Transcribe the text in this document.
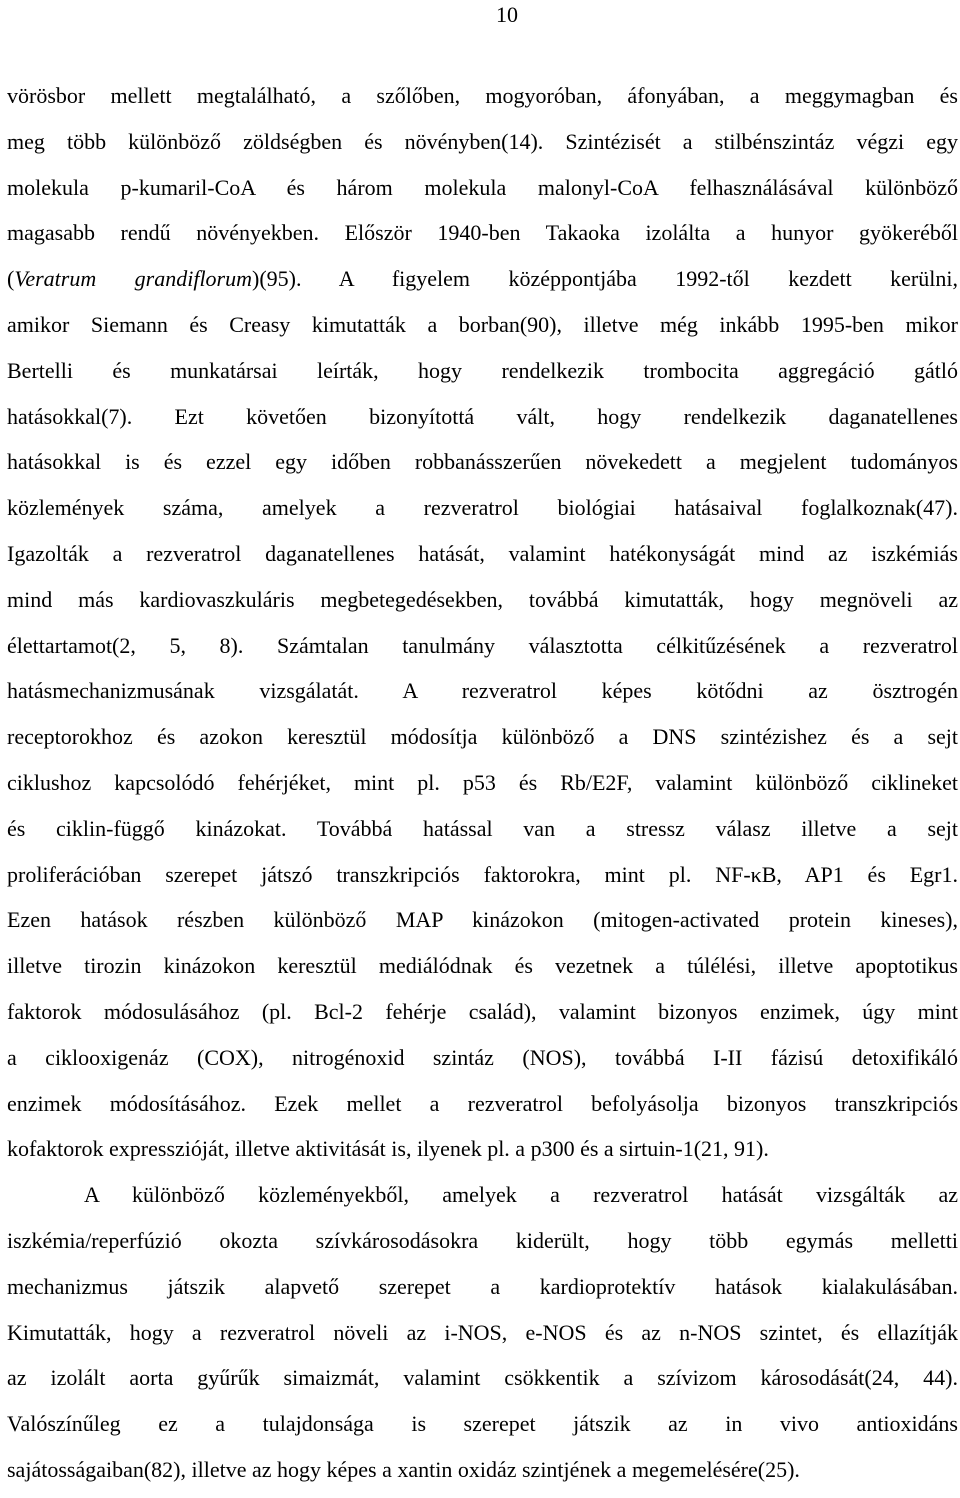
10
vörösbor mellett megtalálható, a szőlőben, mogyoróban, áfonyában, a meggymagban és
meg több különböző zöldségben és növényben(14). Szintézisét a stilbénszintáz végzi egy
molekula p-kumaril-CoA és három molekula malonyl-CoA felhasználásával különböző
magasabb rendű növényekben. Először 1940-ben Takaoka izolálta a hunyor gyökeréből
(Veratrum grandiflorum)(95). A figyelem középpontjába 1992-től kezdett kerülni,
amikor Siemann és Creasy kimutatták a borban(90), illetve még inkább 1995-ben mikor
Bertelli és munkatársai leírták, hogy rendelkezik trombocita aggregáció gátló
hatásokkal(7). Ezt követően bizonyítottá vált, hogy rendelkezik daganatellenes
hatásokkal is és ezzel egy időben robbanásszerűen növekedett a megjelent tudományos
közlemények száma, amelyek a rezveratrol biológiai hatásaival foglalkoznak(47).
Igazolták a rezveratrol daganatellenes hatását, valamint hatékonyságát mind az iszkémiás
mind más kardiovaszkuláris megbetegedésekben, továbbá kimutatták, hogy megnöveli az
élettartamot(2, 5, 8). Számtalan tanulmány választotta célkitűzésének a rezveratrol
hatásmechanizmusának vizsgálatát. A rezveratrol képes kötődni az ösztrogén
receptorokhoz és azokon keresztül módosítja különböző a DNS szintézishez és a sejt
ciklushoz kapcsolódó fehérjéket, mint pl. p53 és Rb/E2F, valamint különböző ciklineket
és ciklin-függő kinázokat. Továbbá hatással van a stressz válasz illetve a sejt
proliferációban szerepet játszó transzkripciós faktorokra, mint pl. NF-κB, AP1 és Egr1.
Ezen hatások részben különböző MAP kinázokon (mitogen-activated protein kineses),
illetve tirozin kinázokon keresztül mediálódnak és vezetnek a túlélési, illetve apoptotikus
faktorok módosulásához (pl. Bcl-2 fehérje család), valamint bizonyos enzimek, úgy mint
a ciklooxigenáz (COX), nitrogénoxid szintáz (NOS), továbbá I-II fázisú detoxifikáló
enzimek módosításához. Ezek mellet a rezveratrol befolyásolja bizonyos transzkripciós
kofaktorok expresszióját, illetve aktivitását is, ilyenek pl. a p300 és a sirtuin-1(21, 91).
A különböző közleményekből, amelyek a rezveratrol hatását vizsgálták az
iszkémia/reperfúzió okozta szívkárosodásokra kiderült, hogy több egymás melletti
mechanizmus játszik alapvető szerepet a kardioprotektív hatások kialakulásában.
Kimutatták, hogy a rezveratrol növeli az i-NOS, e-NOS és az n-NOS szintet, és ellazítják
az izolált aorta gyűrűk simaizmát, valamint csökkentik a szívizom károsodását(24, 44).
Valószínűleg ez a tulajdonsága is szerepet játszik az in vivo antioxidáns
sajátosságaiban(82), illetve az hogy képes a xantin oxidáz szintjének a megemelésére(25).
